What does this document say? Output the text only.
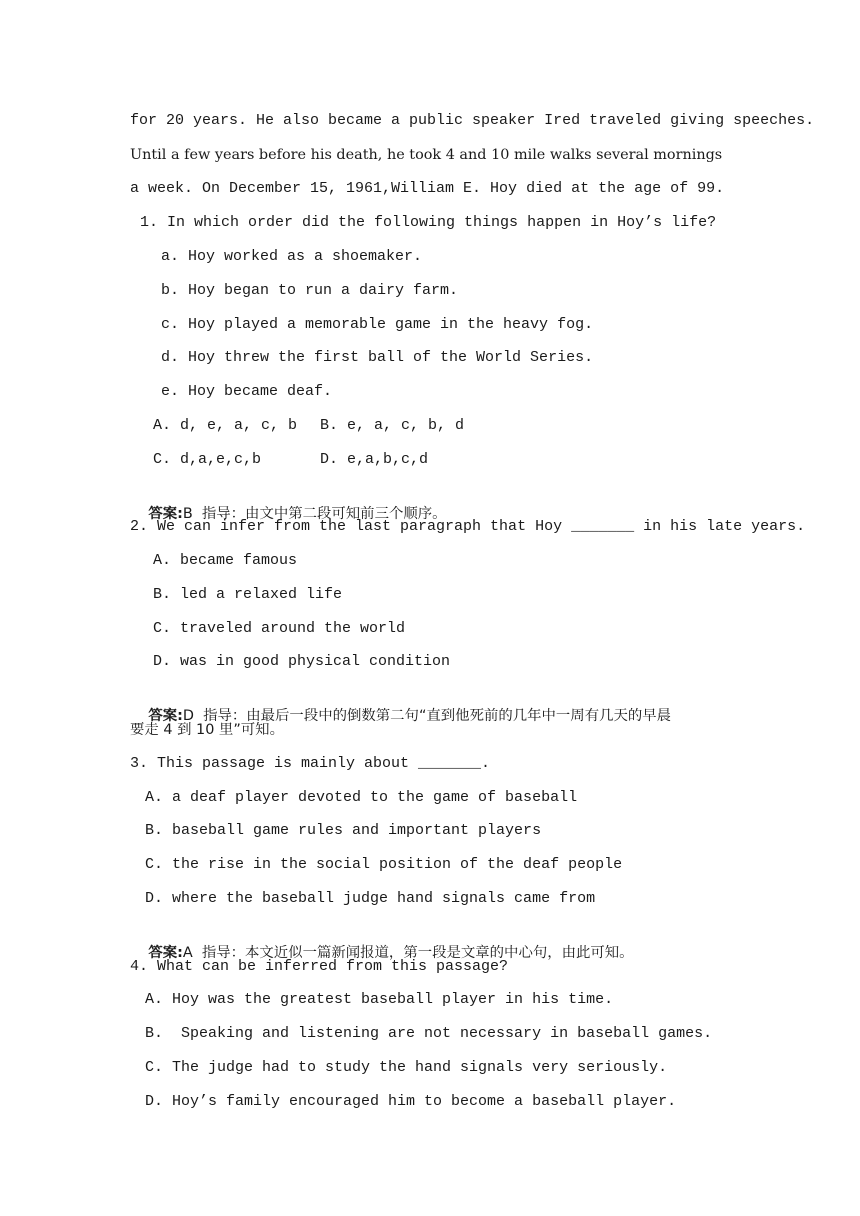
for 20 years. He also became a public speaker Ired traveled giving speeches.
Until a few years before his death, he took 4 and 10 mile walks several mornings
a week. On December 15, 1961,William E. Hoy died at the age of 99.
1. In which order did the following things happen in Hoy’s life?
a. Hoy worked as a shoemaker.
b. Hoy began to run a dairy farm.
c. Hoy played a memorable game in the heavy fog.
d. Hoy threw the first ball of the World Series.
e. Hoy became deaf.
A. d, e, a, c, b B. e, a, c, b, d
C. d,a,e,c,b	D. e,a,b,c,d

答案:B  指导：由文中第二段可知前三个顺序。

2. We can infer from the last paragraph that Hoy _______ in his late years.
A. became famous
B. led a relaxed life
C. traveled around the world
D. was in good physical condition

答案:D  指导：由最后一段中的倒数第二句“直到他死前的几年中一周有几天的早晨

要走 4 到 10 里”可知。
3. This passage is mainly about _______.
A. a deaf player devoted to the game of baseball
B. baseball game rules and important players
C. the rise in the social position of the deaf people
D. where the baseball judge hand signals came from

答案:A  指导：本文近似一篇新闻报道，第一段是文章的中心句，由此可知。

4. What can be inferred from this passage?
A. Hoy was the greatest baseball player in his time.
B.  Speaking and listening are not necessary in baseball games.
C. The judge had to study the hand signals very seriously.
D. Hoy’s family encouraged him to become a baseball player.
